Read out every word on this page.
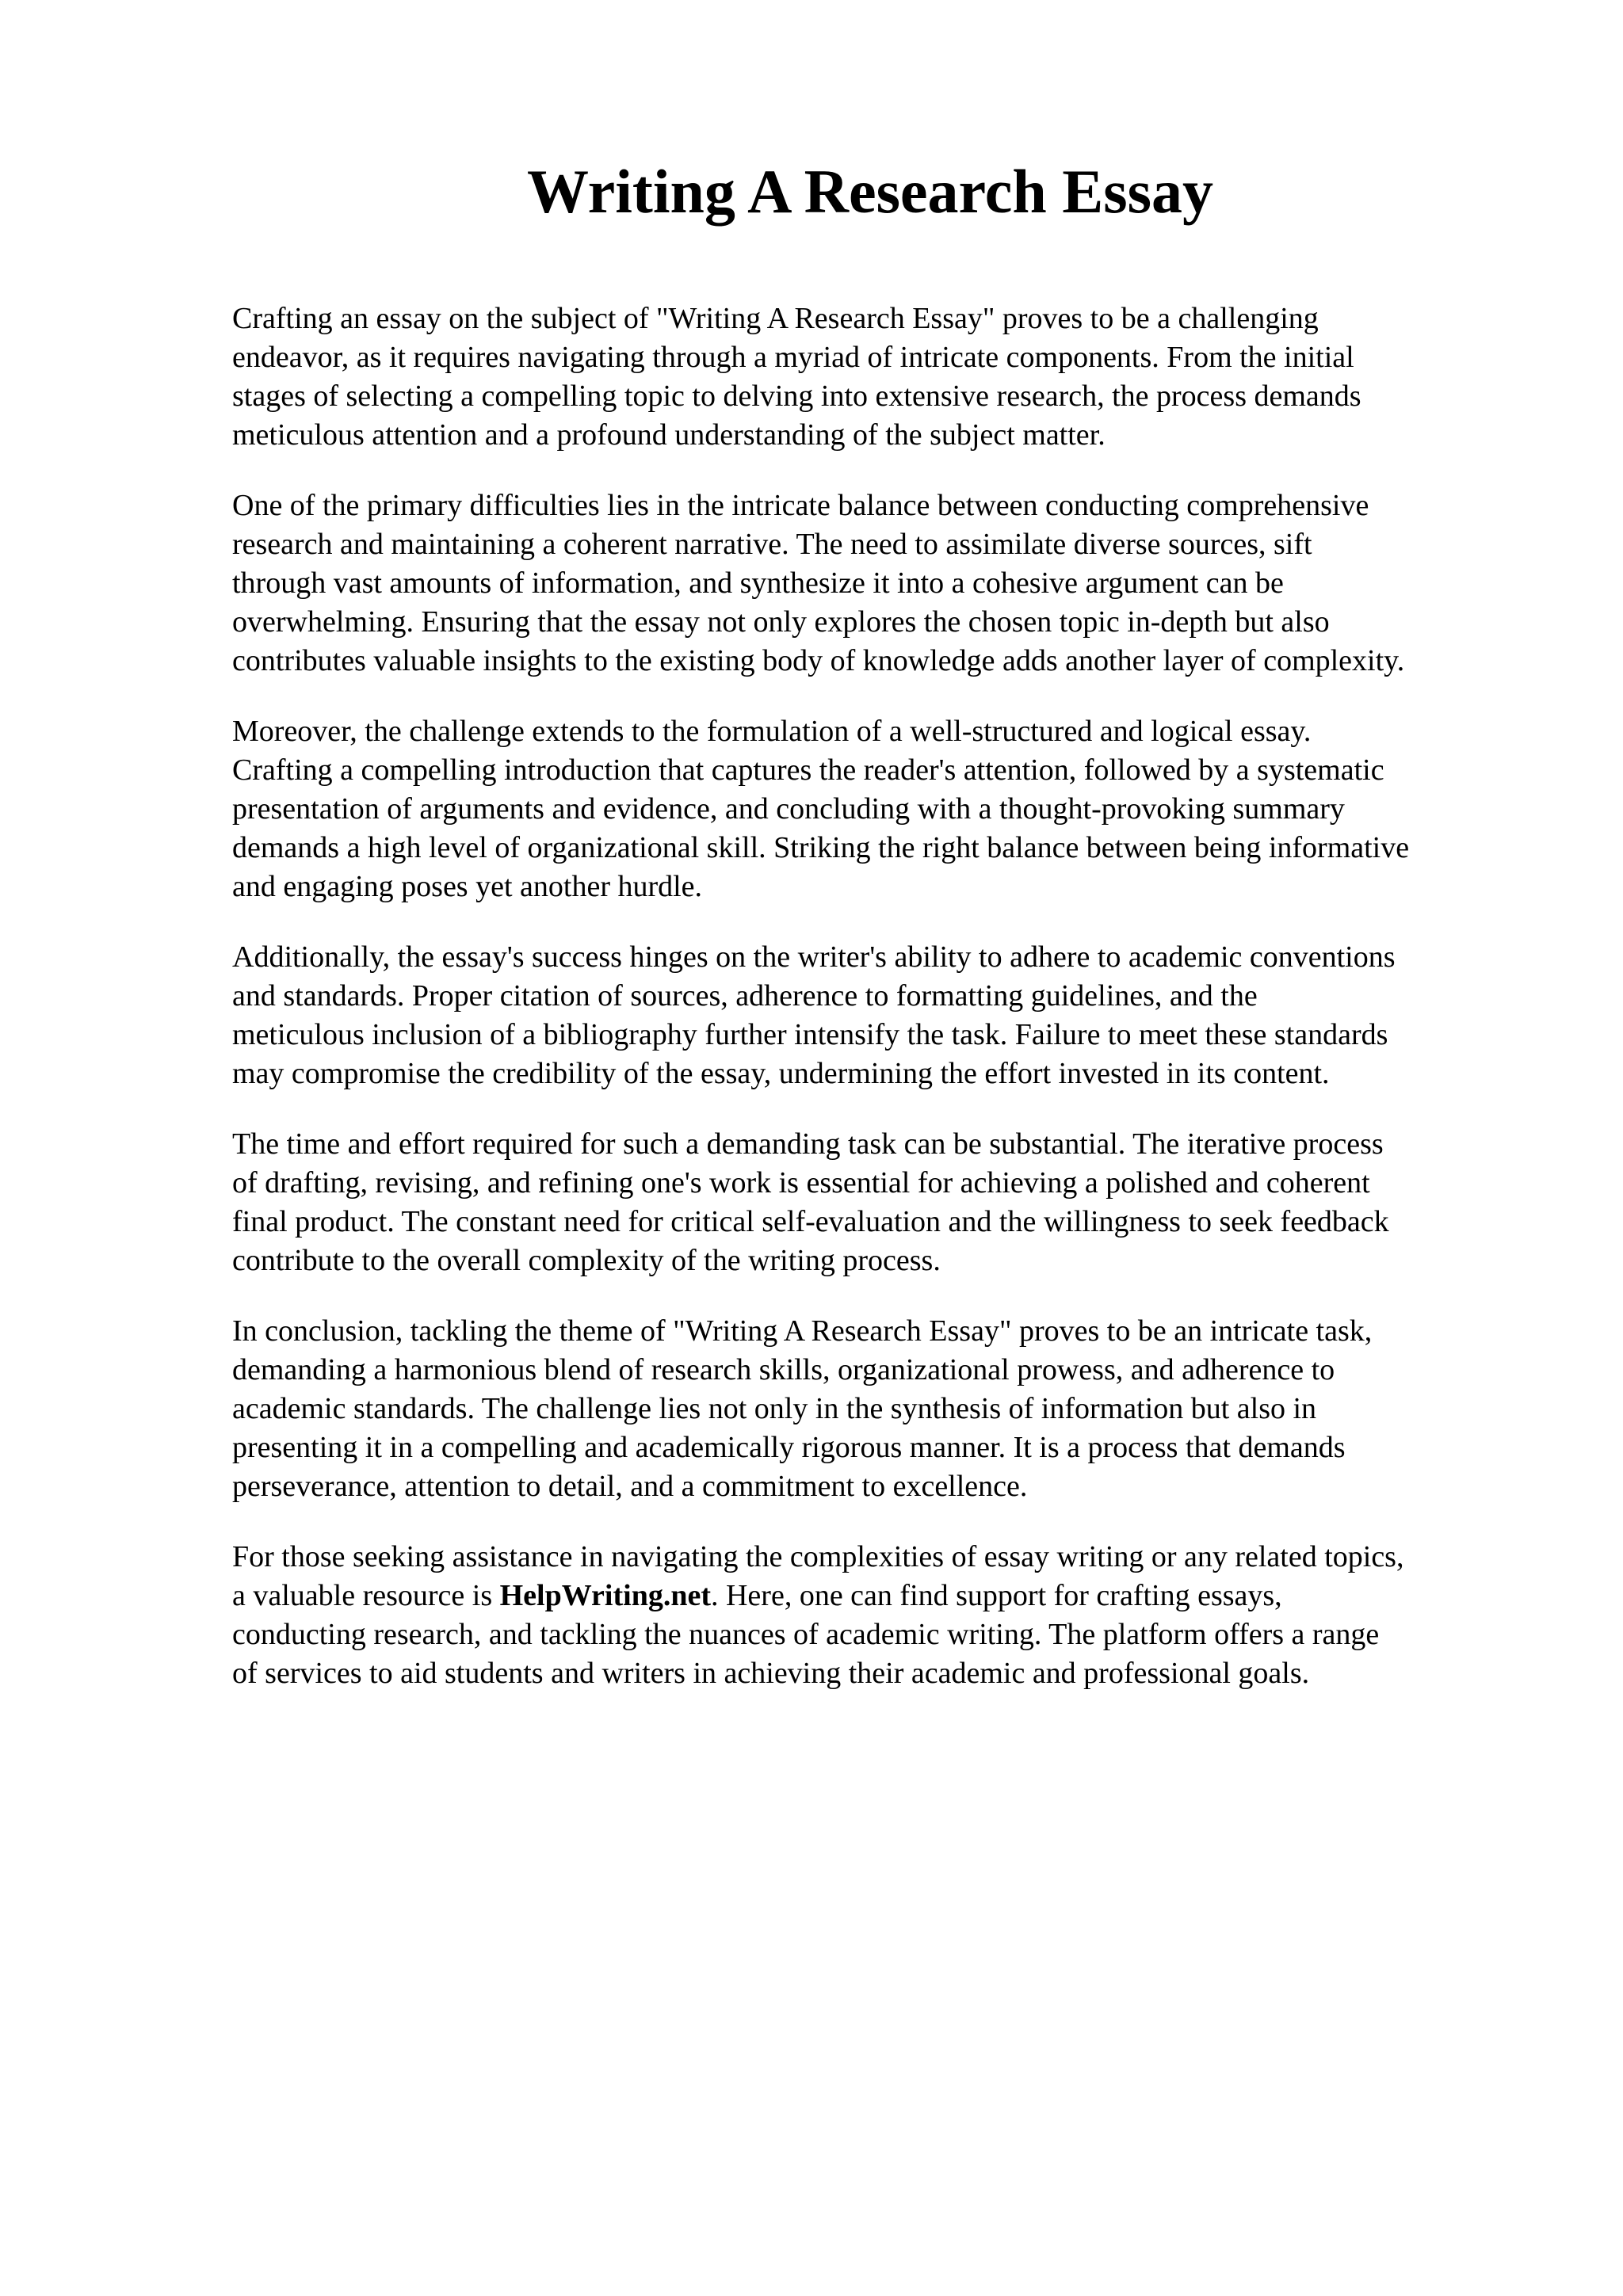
Writing A Research Essay

Crafting an essay on the subject of "Writing A Research Essay" proves to be a challenging
endeavor, as it requires navigating through a myriad of intricate components. From the initial
stages of selecting a compelling topic to delving into extensive research, the process demands
meticulous attention and a profound understanding of the subject matter.

One of the primary difficulties lies in the intricate balance between conducting comprehensive
research and maintaining a coherent narrative. The need to assimilate diverse sources, sift
through vast amounts of information, and synthesize it into a cohesive argument can be
overwhelming. Ensuring that the essay not only explores the chosen topic in-depth but also
contributes valuable insights to the existing body of knowledge adds another layer of complexity.

Moreover, the challenge extends to the formulation of a well-structured and logical essay.
Crafting a compelling introduction that captures the reader's attention, followed by a systematic
presentation of arguments and evidence, and concluding with a thought-provoking summary
demands a high level of organizational skill. Striking the right balance between being informative
and engaging poses yet another hurdle.

Additionally, the essay's success hinges on the writer's ability to adhere to academic conventions
and standards. Proper citation of sources, adherence to formatting guidelines, and the
meticulous inclusion of a bibliography further intensify the task. Failure to meet these standards
may compromise the credibility of the essay, undermining the effort invested in its content.

The time and effort required for such a demanding task can be substantial. The iterative process
of drafting, revising, and refining one's work is essential for achieving a polished and coherent
final product. The constant need for critical self-evaluation and the willingness to seek feedback
contribute to the overall complexity of the writing process.

In conclusion, tackling the theme of "Writing A Research Essay" proves to be an intricate task,
demanding a harmonious blend of research skills, organizational prowess, and adherence to
academic standards. The challenge lies not only in the synthesis of information but also in
presenting it in a compelling and academically rigorous manner. It is a process that demands
perseverance, attention to detail, and a commitment to excellence.

For those seeking assistance in navigating the complexities of essay writing or any related topics,
a valuable resource is HelpWriting.net. Here, one can find support for crafting essays,
conducting research, and tackling the nuances of academic writing. The platform offers a range
of services to aid students and writers in achieving their academic and professional goals.
